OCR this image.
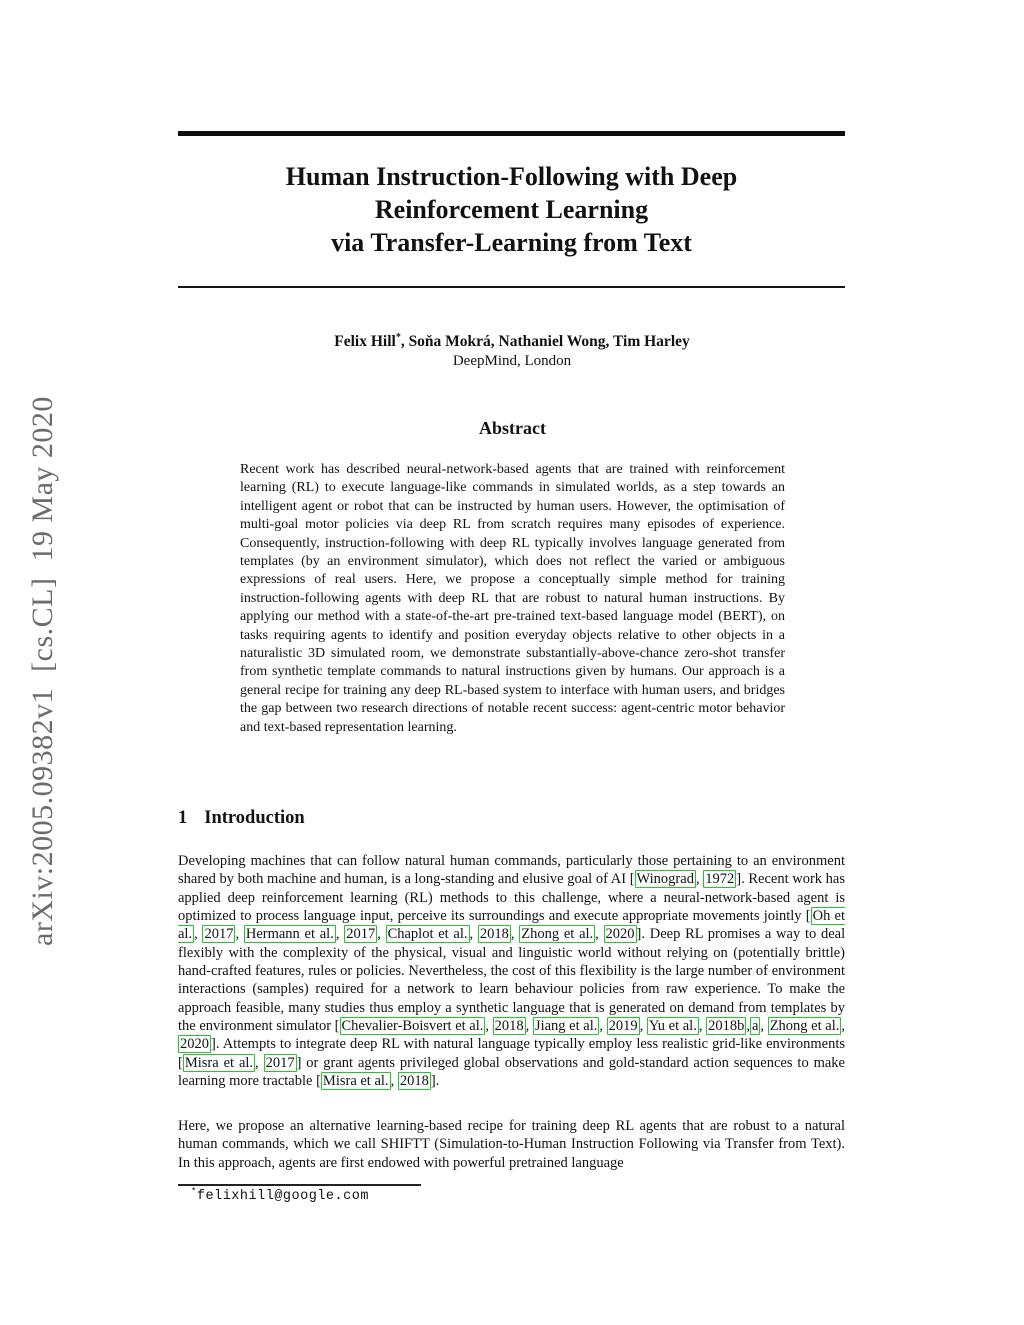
arXiv:2005.09382v1  [cs.CL]  19 May 2020
Human Instruction-Following with Deep
Reinforcement Learning
via Transfer-Learning from Text
Felix Hill*, Soňa Mokrá, Nathaniel Wong, Tim Harley
DeepMind, London
Abstract

Recent work has described neural-network-based agents that are trained with reinforcement learning (RL) to execute language-like commands in simulated worlds, as a step towards an intelligent agent or robot that can be instructed by human users. However, the optimisation of multi-goal motor policies via deep RL from scratch requires many episodes of experience. Consequently, instruction-following with deep RL typically involves language generated from templates (by an environment simulator), which does not reflect the varied or ambiguous expressions of real users. Here, we propose a conceptually simple method for training instruction-following agents with deep RL that are robust to natural human instructions. By applying our method with a state-of-the-art pre-trained text-based language model (BERT), on tasks requiring agents to identify and position everyday objects relative to other objects in a naturalistic 3D simulated room, we demonstrate substantially-above-chance zero-shot transfer from synthetic template commands to natural instructions given by humans. Our approach is a general recipe for training any deep RL-based system to interface with human users, and bridges the gap between two research directions of notable recent success: agent-centric motor behavior and text-based representation learning.

1 Introduction

Developing machines that can follow natural human commands, particularly those pertaining to an environment shared by both machine and human, is a long-standing and elusive goal of AI [ Winograd , 1972 ]. Recent work has applied deep reinforcement learning (RL) methods to this challenge, where a neural-network-based agent is optimized to process language input, perceive its surroundings and execute appropriate movements jointly [ Oh et al. , 2017 , Hermann et al. , 2017 , Chaplot et al. , 2018 , Zhong et al. , 2020 ]. Deep RL promises a way to deal flexibly with the complexity of the physical, visual and linguistic world without relying on (potentially brittle) hand-crafted features, rules or policies. Nevertheless, the cost of this flexibility is the large number of environment interactions (samples) required for a network to learn behaviour policies from raw experience. To make the approach feasible, many studies thus employ a synthetic language that is generated on demand from templates by the environment simulator [ Chevalier-Boisvert et al. , 2018 , Jiang et al. , 2019 , Yu et al. , 2018b , a , Zhong et al. , 2020 ]. Attempts to integrate deep RL with natural language typically employ less realistic grid-like environments [ Misra et al. , 2017 ] or grant agents privileged global observations and gold-standard action sequences to make learning more tractable [ Misra et al. , 2018 ].

Here, we propose an alternative learning-based recipe for training deep RL agents that are robust to a natural human commands, which we call SHIFTT (Simulation-to-Human Instruction Following via Transfer from Text). In this approach, agents are first endowed with powerful pretrained language

*felixhill@google.com
